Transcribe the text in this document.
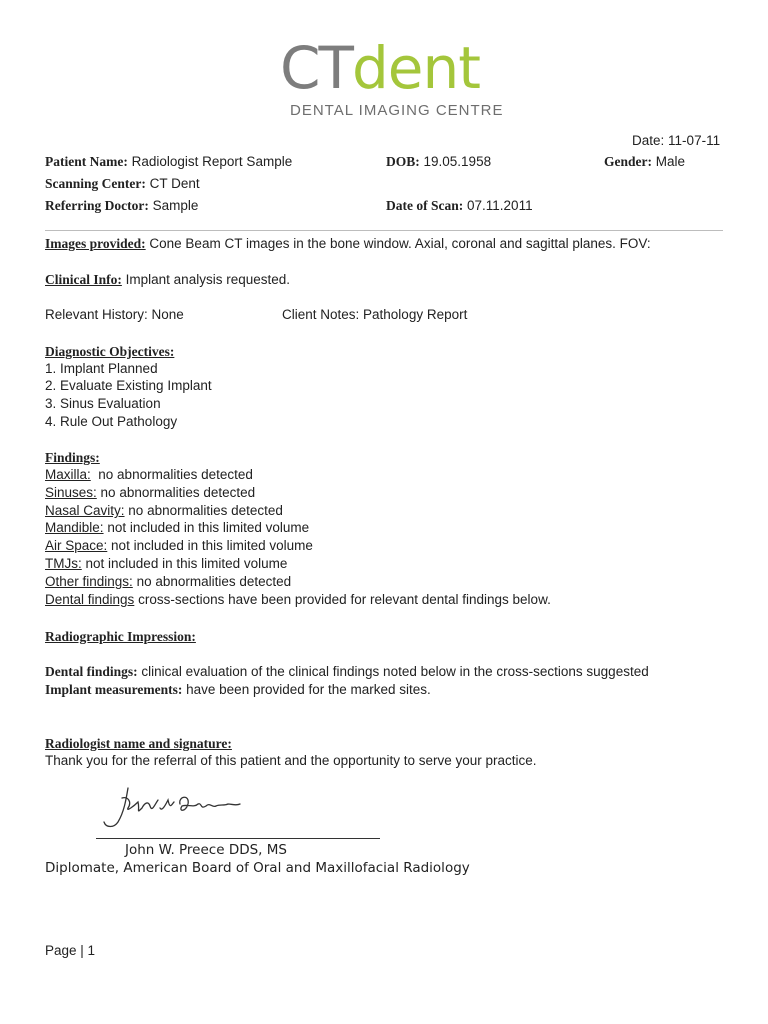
CTdent
DENTAL IMAGING CENTRE
Date: 11-07-11
Patient Name: Radiologist Report Sample	DOB: 19.05.1958	Gender: Male
Scanning Center: CT Dent
Referring Doctor: Sample	Date of Scan: 07.11.2011
Images provided: Cone Beam CT images in the bone window. Axial, coronal and sagittal planes. FOV:
Clinical Info: Implant analysis requested.
Relevant History: None	Client Notes: Pathology Report
Diagnostic Objectives:
1. Implant Planned
2. Evaluate Existing Implant
3. Sinus Evaluation
4. Rule Out Pathology
Findings:
Maxilla: no abnormalities detected
Sinuses: no abnormalities detected
Nasal Cavity: no abnormalities detected
Mandible: not included in this limited volume
Air Space: not included in this limited volume
TMJs: not included in this limited volume
Other findings: no abnormalities detected
Dental findings cross-sections have been provided for relevant dental findings below.
Radiographic Impression:
Dental findings: clinical evaluation of the clinical findings noted below in the cross-sections suggested
Implant measurements: have been provided for the marked sites.
Radiologist name and signature:
Thank you for the referral of this patient and the opportunity to serve your practice.
John W. Preece DDS, MS
Diplomate, American Board of Oral and Maxillofacial Radiology
Page | 1
